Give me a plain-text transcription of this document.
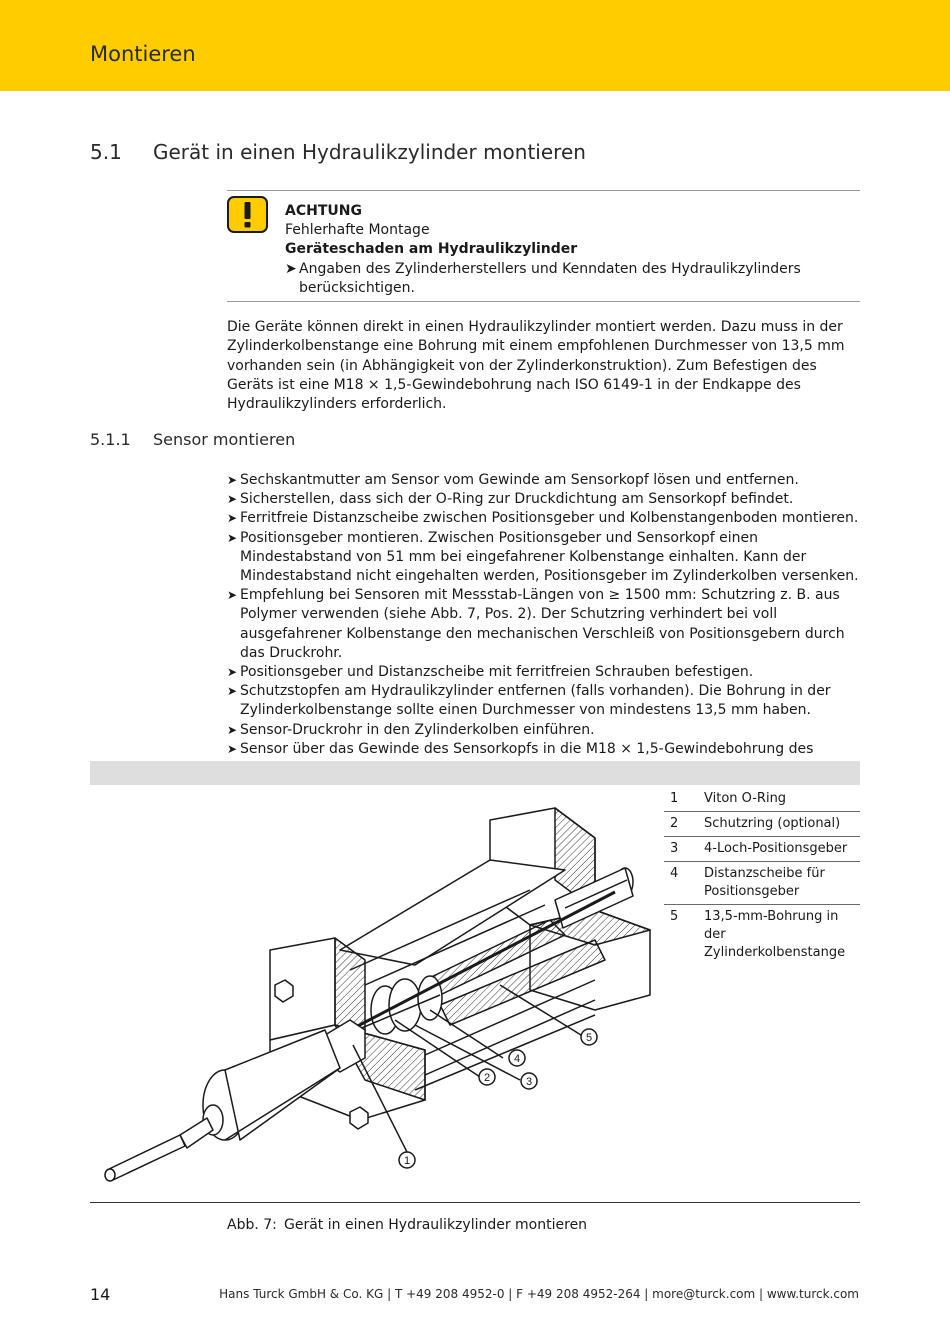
Montieren
5.1 Gerät in einen Hydraulikzylinder montieren
ACHTUNG
Fehlerhafte Montage
Geräteschaden am Hydraulikzylinder
➤ Angaben des Zylinderherstellers und Kenndaten des Hydraulikzylinders
berücksichtigen.
Die Geräte können direkt in einen Hydraulikzylinder montiert werden. Dazu muss in der Zylinderkolbenstange eine Bohrung mit einem empfohlenen Durchmesser von 13,5 mm vorhanden sein (in Abhängigkeit von der Zylinderkonstruktion). Zum Befestigen des Geräts ist eine M18 × 1,5-Gewindebohrung nach ISO 6149-1 in der Endkappe des Hydraulikzylinders erforderlich.
5.1.1 Sensor montieren
➤ Sechskantmutter am Sensor vom Gewinde am Sensorkopf lösen und entfernen.
➤ Sicherstellen, dass sich der O-Ring zur Druckdichtung am Sensorkopf befindet.
➤ Ferritfreie Distanzscheibe zwischen Positionsgeber und Kolbenstangenboden montieren.
➤ Positionsgeber montieren. Zwischen Positionsgeber und Sensorkopf einen Mindestabstand von 51 mm bei eingefahrener Kolbenstange einhalten. Kann der Mindestabstand nicht eingehalten werden, Positionsgeber im Zylinderkolben versenken.
➤ Empfehlung bei Sensoren mit Messstab-Längen von ≥ 1500 mm: Schutzring z. B. aus Polymer verwenden (siehe Abb. 7, Pos. 2). Der Schutzring verhindert bei voll ausgefahrener Kolbenstange den mechanischen Verschleiß von Positionsgebern durch das Druckrohr.
➤ Positionsgeber und Distanzscheibe mit ferritfreien Schrauben befestigen.
➤ Schutzstopfen am Hydraulikzylinder entfernen (falls vorhanden). Die Bohrung in der Zylinderkolbenstange sollte einen Durchmesser von mindestens 13,5 mm haben.
➤ Sensor-Druckrohr in den Zylinderkolben einführen.
➤ Sensor über das Gewinde des Sensorkopfs in die M18 × 1,5-Gewindebohrung des
1
2	3
4
5
1	Viton O-Ring
2	Schutzring (optional)
3	4-Loch-Positionsgeber
4	Distanzscheibe für Positionsgeber
5	13,5-mm-Bohrung in der Zylinderkolbenstange
Abb. 7: Gerät in einen Hydraulikzylinder montieren
14	Hans Turck GmbH & Co. KG | T +49 208 4952-0 | F +49 208 4952-264 | more@turck.com | www.turck.com
